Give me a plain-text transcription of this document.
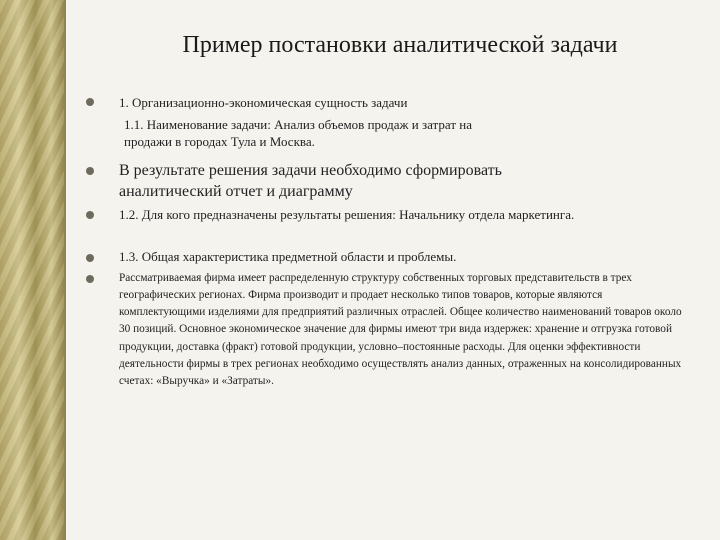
Пример постановки аналитической задачи
1. Организационно-экономическая сущность задачи
1.1. Наименование задачи: Анализ объемов продаж и затрат на продажи в городах Тула и Москва.
В результате решения задачи необходимо сформировать аналитический отчет и диаграмму
1.2. Для кого предназначены результаты решения: Начальнику отдела маркетинга.
1.3. Общая характеристика предметной области и проблемы.
Рассматриваемая фирма имеет распределенную структуру собственных торговых представительств в трех географических регионах. Фирма производит и продает несколько типов товаров, которые являются комплектующими изделиями для предприятий различных отраслей. Общее количество наименований товаров около 30 позиций. Основное экономическое значение для фирмы имеют три вида издержек: хранение и отгрузка готовой продукции, доставка (фракт) готовой продукции, условно–постоянные расходы. Для оценки эффективности деятельности фирмы в трех регионах необходимо осуществлять анализ данных, отраженных на консолидированных счетах: «Выручка» и «Затраты».
